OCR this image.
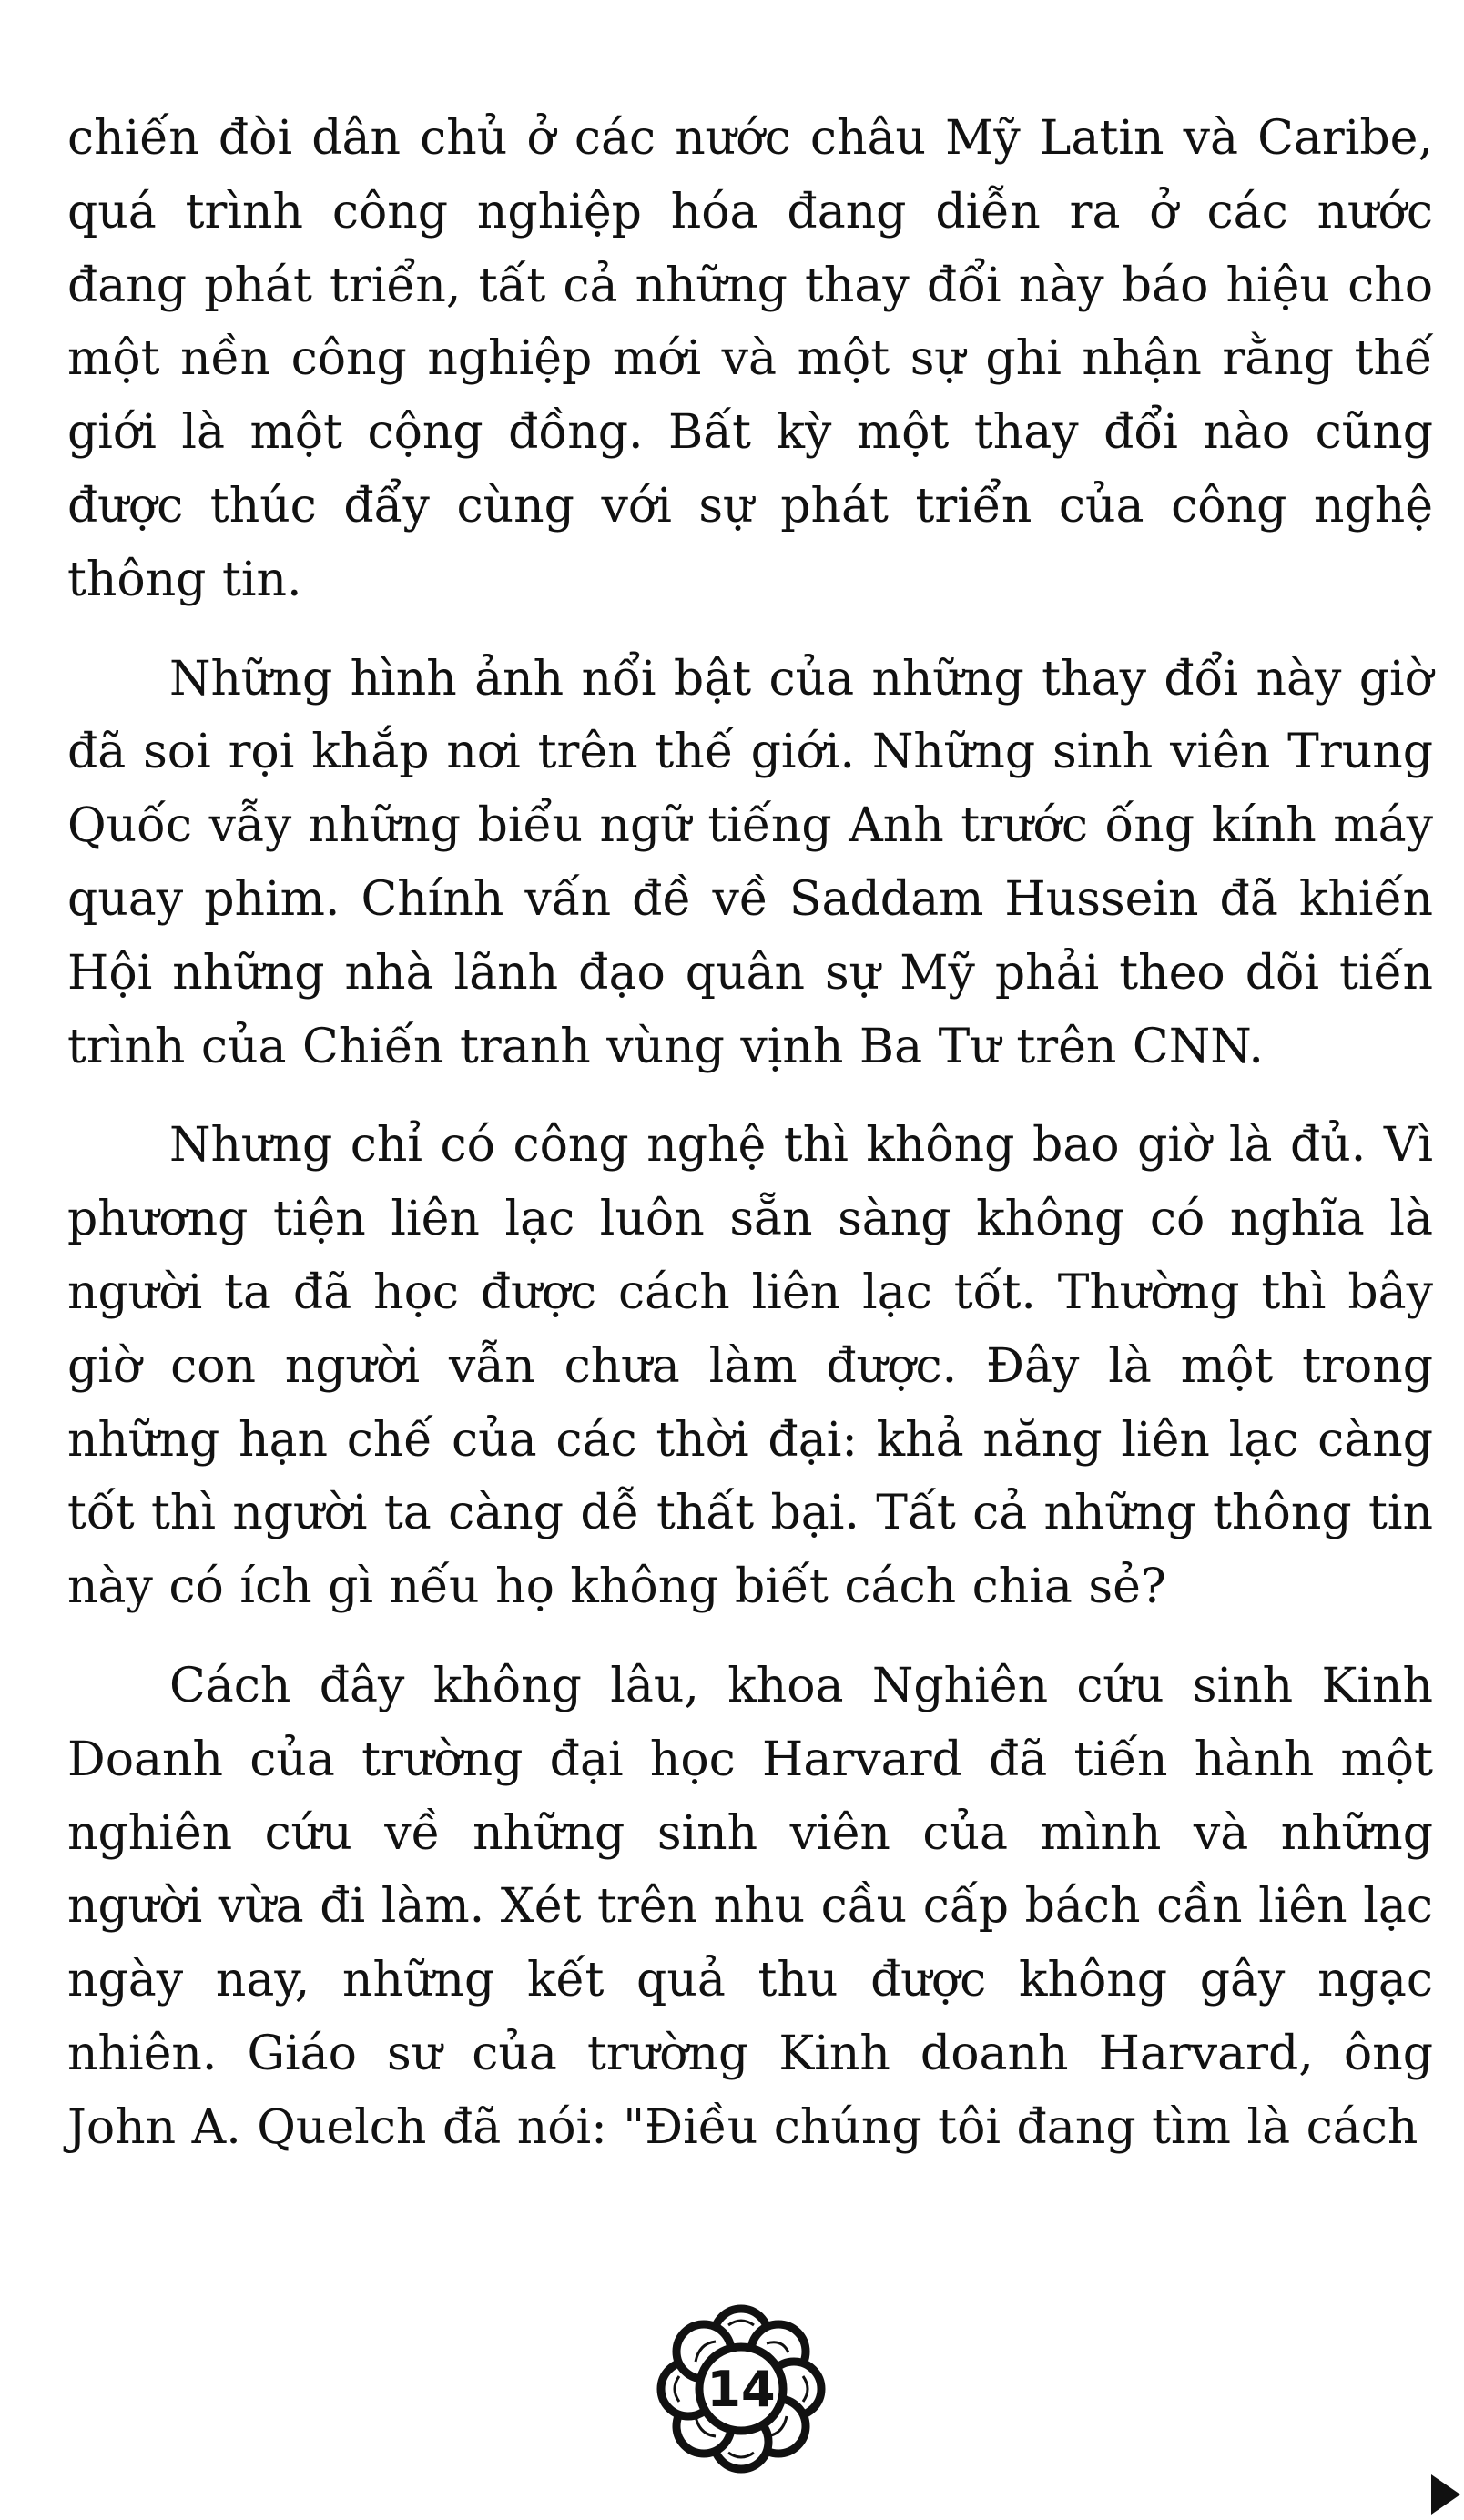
chiến đòi dân chủ ở các nước châu Mỹ Latin và Caribe, quá trình công nghiệp hóa đang diễn ra ở các nước đang phát triển, tất cả những thay đổi này báo hiệu cho một nền công nghiệp mới và một sự ghi nhận rằng thế giới là một cộng đồng. Bất kỳ một thay đổi nào cũng được thúc đẩy cùng với sự phát triển của công nghệ thông tin.

Những hình ảnh nổi bật của những thay đổi này giờ đã soi rọi khắp nơi trên thế giới. Những sinh viên Trung Quốc vẫy những biểu ngữ tiếng Anh trước ống kính máy quay phim. Chính vấn đề về Saddam Hussein đã khiến Hội những nhà lãnh đạo quân sự Mỹ phải theo dõi tiến trình của Chiến tranh vùng vịnh Ba Tư trên CNN.

Nhưng chỉ có công nghệ thì không bao giờ là đủ. Vì phương tiện liên lạc luôn sẵn sàng không có nghĩa là người ta đã học được cách liên lạc tốt. Thường thì bây giờ con người vẫn chưa làm được. Đây là một trong những hạn chế của các thời đại: khả năng liên lạc càng tốt thì người ta càng dễ thất bại. Tất cả những thông tin này có ích gì nếu họ không biết cách chia sẻ?

Cách đây không lâu, khoa Nghiên cứu sinh Kinh Doanh của trường đại học Harvard đã tiến hành một nghiên cứu về những sinh viên của mình và những người vừa đi làm. Xét trên nhu cầu cấp bách cần liên lạc ngày nay, những kết quả thu được không gây ngạc nhiên. Giáo sư của trường Kinh doanh Harvard, ông John A. Quelch đã nói: "Điều chúng tôi đang tìm là cách

14
